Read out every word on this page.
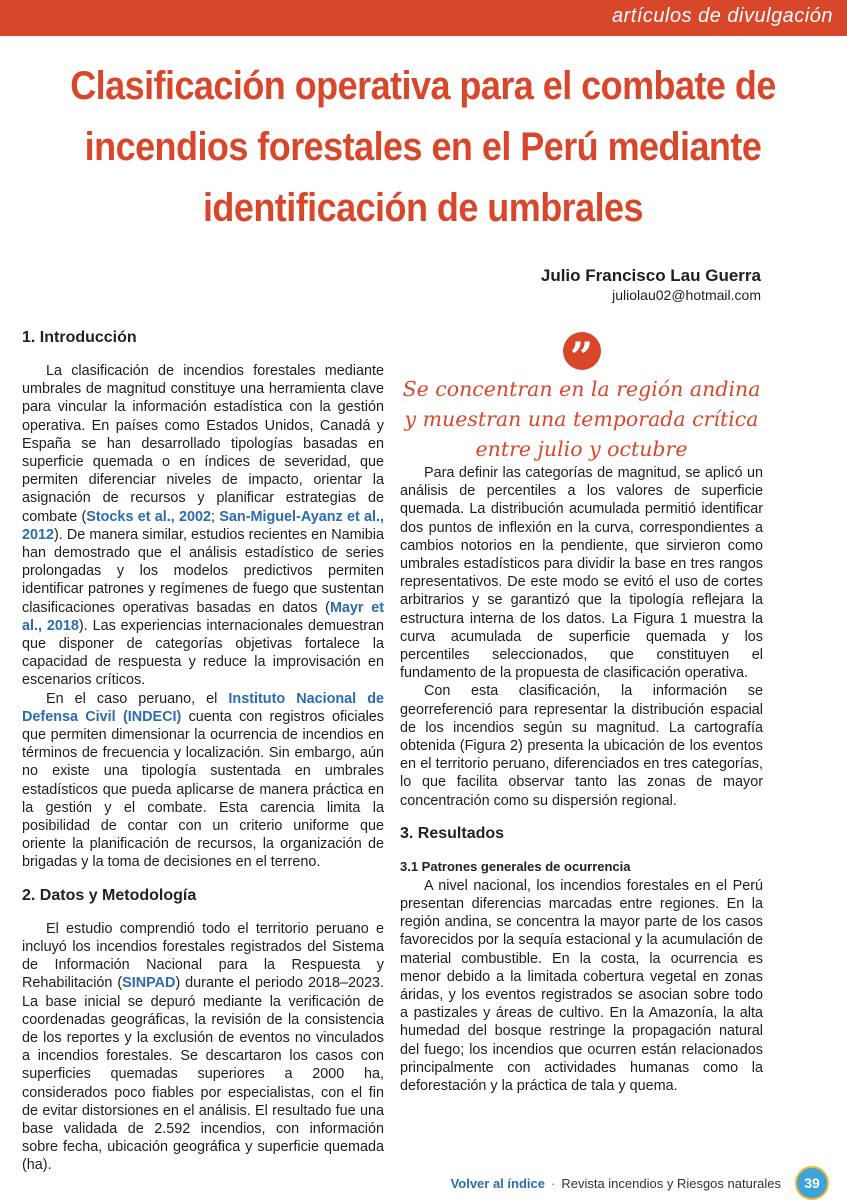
artículos de divulgación
Clasificación operativa para el combate de incendios forestales en el Perú mediante identificación de umbrales
Julio Francisco Lau Guerra
juliolau02@hotmail.com
1. Introducción

La clasificación de incendios forestales mediante umbrales de magnitud constituye una herramienta clave para vincular la información estadística con la gestión operativa. En países como Estados Unidos, Canadá y España se han desarrollado tipologías basadas en superficie quemada o en índices de severidad, que permiten diferenciar niveles de impacto, orientar la asignación de recursos y planificar estrategias de combate (Stocks et al., 2002; San-Miguel-Ayanz et al., 2012). De manera similar, estudios recientes en Namibia han demostrado que el análisis estadístico de series prolongadas y los modelos predictivos permiten identificar patrones y regímenes de fuego que sustentan clasificaciones operativas basadas en datos (Mayr et al., 2018). Las experiencias internacionales demuestran que disponer de categorías objetivas fortalece la capacidad de respuesta y reduce la improvisación en escenarios críticos.

En el caso peruano, el Instituto Nacional de Defensa Civil (INDECI) cuenta con registros oficiales que permiten dimensionar la ocurrencia de incendios en términos de frecuencia y localización. Sin embargo, aún no existe una tipología sustentada en umbrales estadísticos que pueda aplicarse de manera práctica en la gestión y el combate. Esta carencia limita la posibilidad de contar con un criterio uniforme que oriente la planificación de recursos, la organización de brigadas y la toma de decisiones en el terreno.

2. Datos y Metodología

El estudio comprendió todo el territorio peruano e incluyó los incendios forestales registrados del Sistema de Información Nacional para la Respuesta y Rehabilitación (SINPAD) durante el periodo 2018–2023. La base inicial se depuró mediante la verificación de coordenadas geográficas, la revisión de la consistencia de los reportes y la exclusión de eventos no vinculados a incendios forestales. Se descartaron los casos con superficies quemadas superiores a 2000 ha, considerados poco fiables por especialistas, con el fin de evitar distorsiones en el análisis. El resultado fue una base validada de 2.592 incendios, con información sobre fecha, ubicación geográfica y superficie quemada (ha).

”

Se concentran en la región andina y muestran una temporada crítica entre julio y octubre

Para definir las categorías de magnitud, se aplicó un análisis de percentiles a los valores de superficie quemada. La distribución acumulada permitió identificar dos puntos de inflexión en la curva, correspondientes a cambios notorios en la pendiente, que sirvieron como umbrales estadísticos para dividir la base en tres rangos representativos. De este modo se evitó el uso de cortes arbitrarios y se garantizó que la tipología reflejara la estructura interna de los datos. La Figura 1 muestra la curva acumulada de superficie quemada y los percentiles seleccionados, que constituyen el fundamento de la propuesta de clasificación operativa.

Con esta clasificación, la información se georreferenció para representar la distribución espacial de los incendios según su magnitud. La cartografía obtenida (Figura 2) presenta la ubicación de los eventos en el territorio peruano, diferenciados en tres categorías, lo que facilita observar tanto las zonas de mayor concentración como su dispersión regional.

3. Resultados
3.1 Patrones generales de ocurrencia

A nivel nacional, los incendios forestales en el Perú presentan diferencias marcadas entre regiones. En la región andina, se concentra la mayor parte de los casos favorecidos por la sequía estacional y la acumulación de material combustible. En la costa, la ocurrencia es menor debido a la limitada cobertura vegetal en zonas áridas, y los eventos registrados se asocian sobre todo a pastizales y áreas de cultivo. En la Amazonía, la alta humedad del bosque restringe la propagación natural del fuego; los incendios que ocurren están relacionados principalmente con actividades humanas como la deforestación y la práctica de tala y quema.

Volver al índice · Revista incendios y Riesgos naturales	39
